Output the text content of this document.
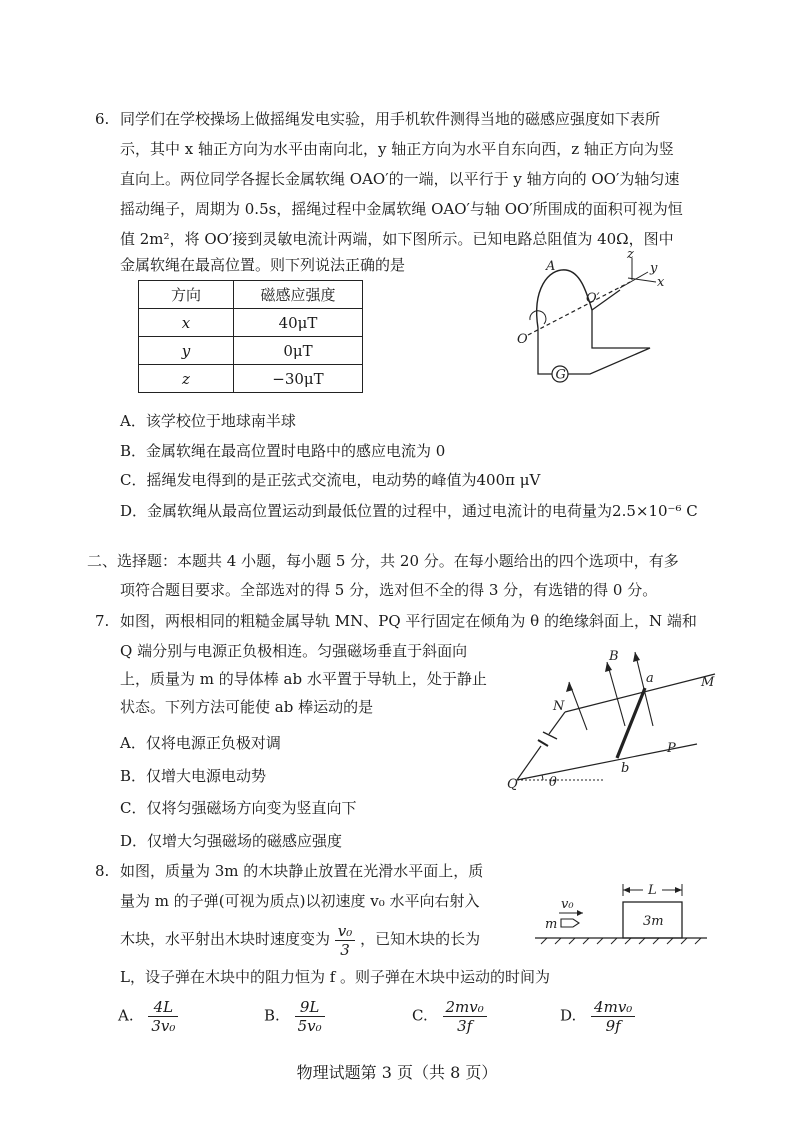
6. 同学们在学校操场上做摇绳发电实验，用手机软件测得当地的磁感应强度如下表所
示，其中 x 轴正方向为水平由南向北，y 轴正方向为水平自东向西，z 轴正方向为竖
直向上。两位同学各握长金属软绳 OAO′的一端，以平行于 y 轴方向的 OO′为轴匀速
摇动绳子，周期为 0.5s，摇绳过程中金属软绳 OAO′与轴 OO′所围成的面积可视为恒
值 2m²，将 OO′接到灵敏电流计两端，如下图所示。已知电路总阻值为 40Ω，图中
金属软绳在最高位置。则下列说法正确的是
方向	磁感应强度
x	40μT
y	0μT
z	−30μT	G
A
O
O′
z
y
x
A．该学校位于地球南半球
B．金属软绳在最高位置时电路中的感应电流为 0
C．摇绳发电得到的是正弦式交流电，电动势的峰值为400π μV
D．金属软绳从最高位置运动到最低位置的过程中，通过电流计的电荷量为2.5×10⁻⁶ C
二、选择题：本题共 4 小题，每小题 5 分，共 20 分。在每小题给出的四个选项中，有多
项符合题目要求。全部选对的得 5 分，选对但不全的得 3 分，有选错的得 0 分。
7. 如图，两根相同的粗糙金属导轨 MN、PQ 平行固定在倾角为 θ 的绝缘斜面上，N 端和
Q 端分别与电源正负极相连。匀强磁场垂直于斜面向
上，质量为 m 的导体棒 ab 水平置于导轨上，处于静止
状态。下列方法可能使 ab 棒运动的是
A．仅将电源正负极对调
B．仅增大电源电动势
C．仅将匀强磁场方向变为竖直向下
D．仅增大匀强磁场的磁感应强度
θ
B
a	M
N
b
P
Q
8. 如图，质量为 3m 的木块静止放置在光滑水平面上，质
量为 m 的子弹(可视为质点)以初速度 v₀ 水平向右射入
木块，水平射出木块时速度变为 $\frac{\text{v₀}}{3}$ ，已知木块的长为
L，设子弹在木块中的阻力恒为 f 。则子弹在木块中运动的时间为
L
3m
m
v₀
A. $\frac{4L}{\text{3v₀}}$	B. $\frac{9L}{\text{5v₀}}$	C. $\frac{\text{2mv₀}}{3f}$	D. $\frac{\text{4mv₀}}{9f}$
物理试题第 3 页（共 8 页）
